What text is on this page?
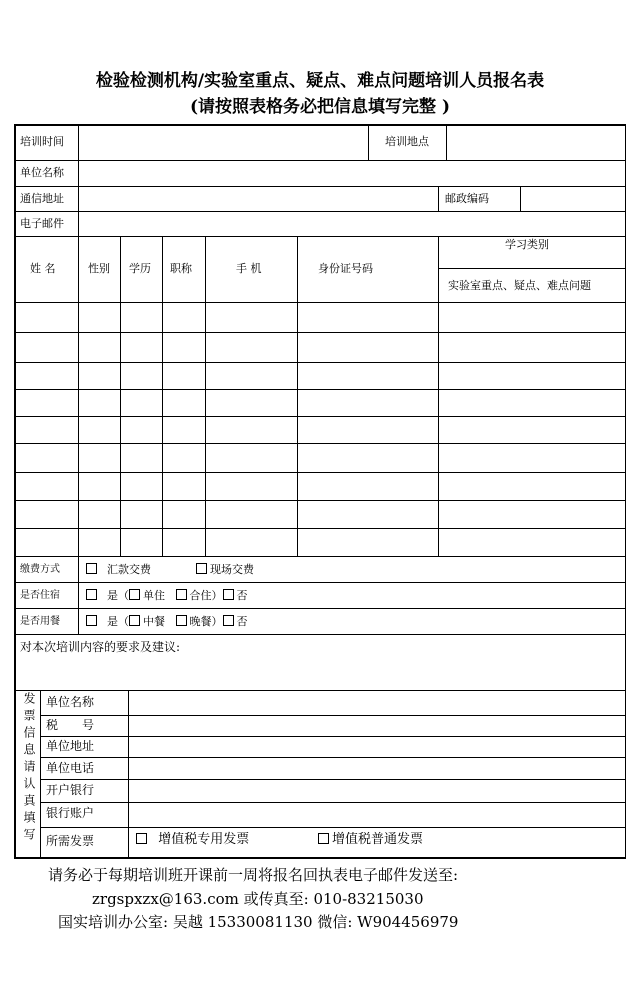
检验检测机构/实验室重点、疑点、难点问题培训人员报名表
(请按照表格务必把信息填写完整 )
培训时间	培训地点
单位名称
通信地址	邮政编码
电子邮件
姓 名	性别 学历 职称	手 机	身份证号码
学习类别
实验室重点、疑点、难点问题
缴费方式	汇款交费	现场交费
是否住宿	是（ 单住 合住） 否
是否用餐	是（ 中餐 晚餐） 否
对本次培训内容的要求及建议:
发票信息请认真填写 单位名称
税　　号
单位地址
单位电话
开户银行
银行账户
所需发票	增值税专用发票	增值税普通发票
请务必于每期培训班开课前一周将报名回执表电子邮件发送至:
zrgspxzx@163.com 或传真至: 010-83215030
国实培训办公室: 吴越 15330081130 微信: W904456979
